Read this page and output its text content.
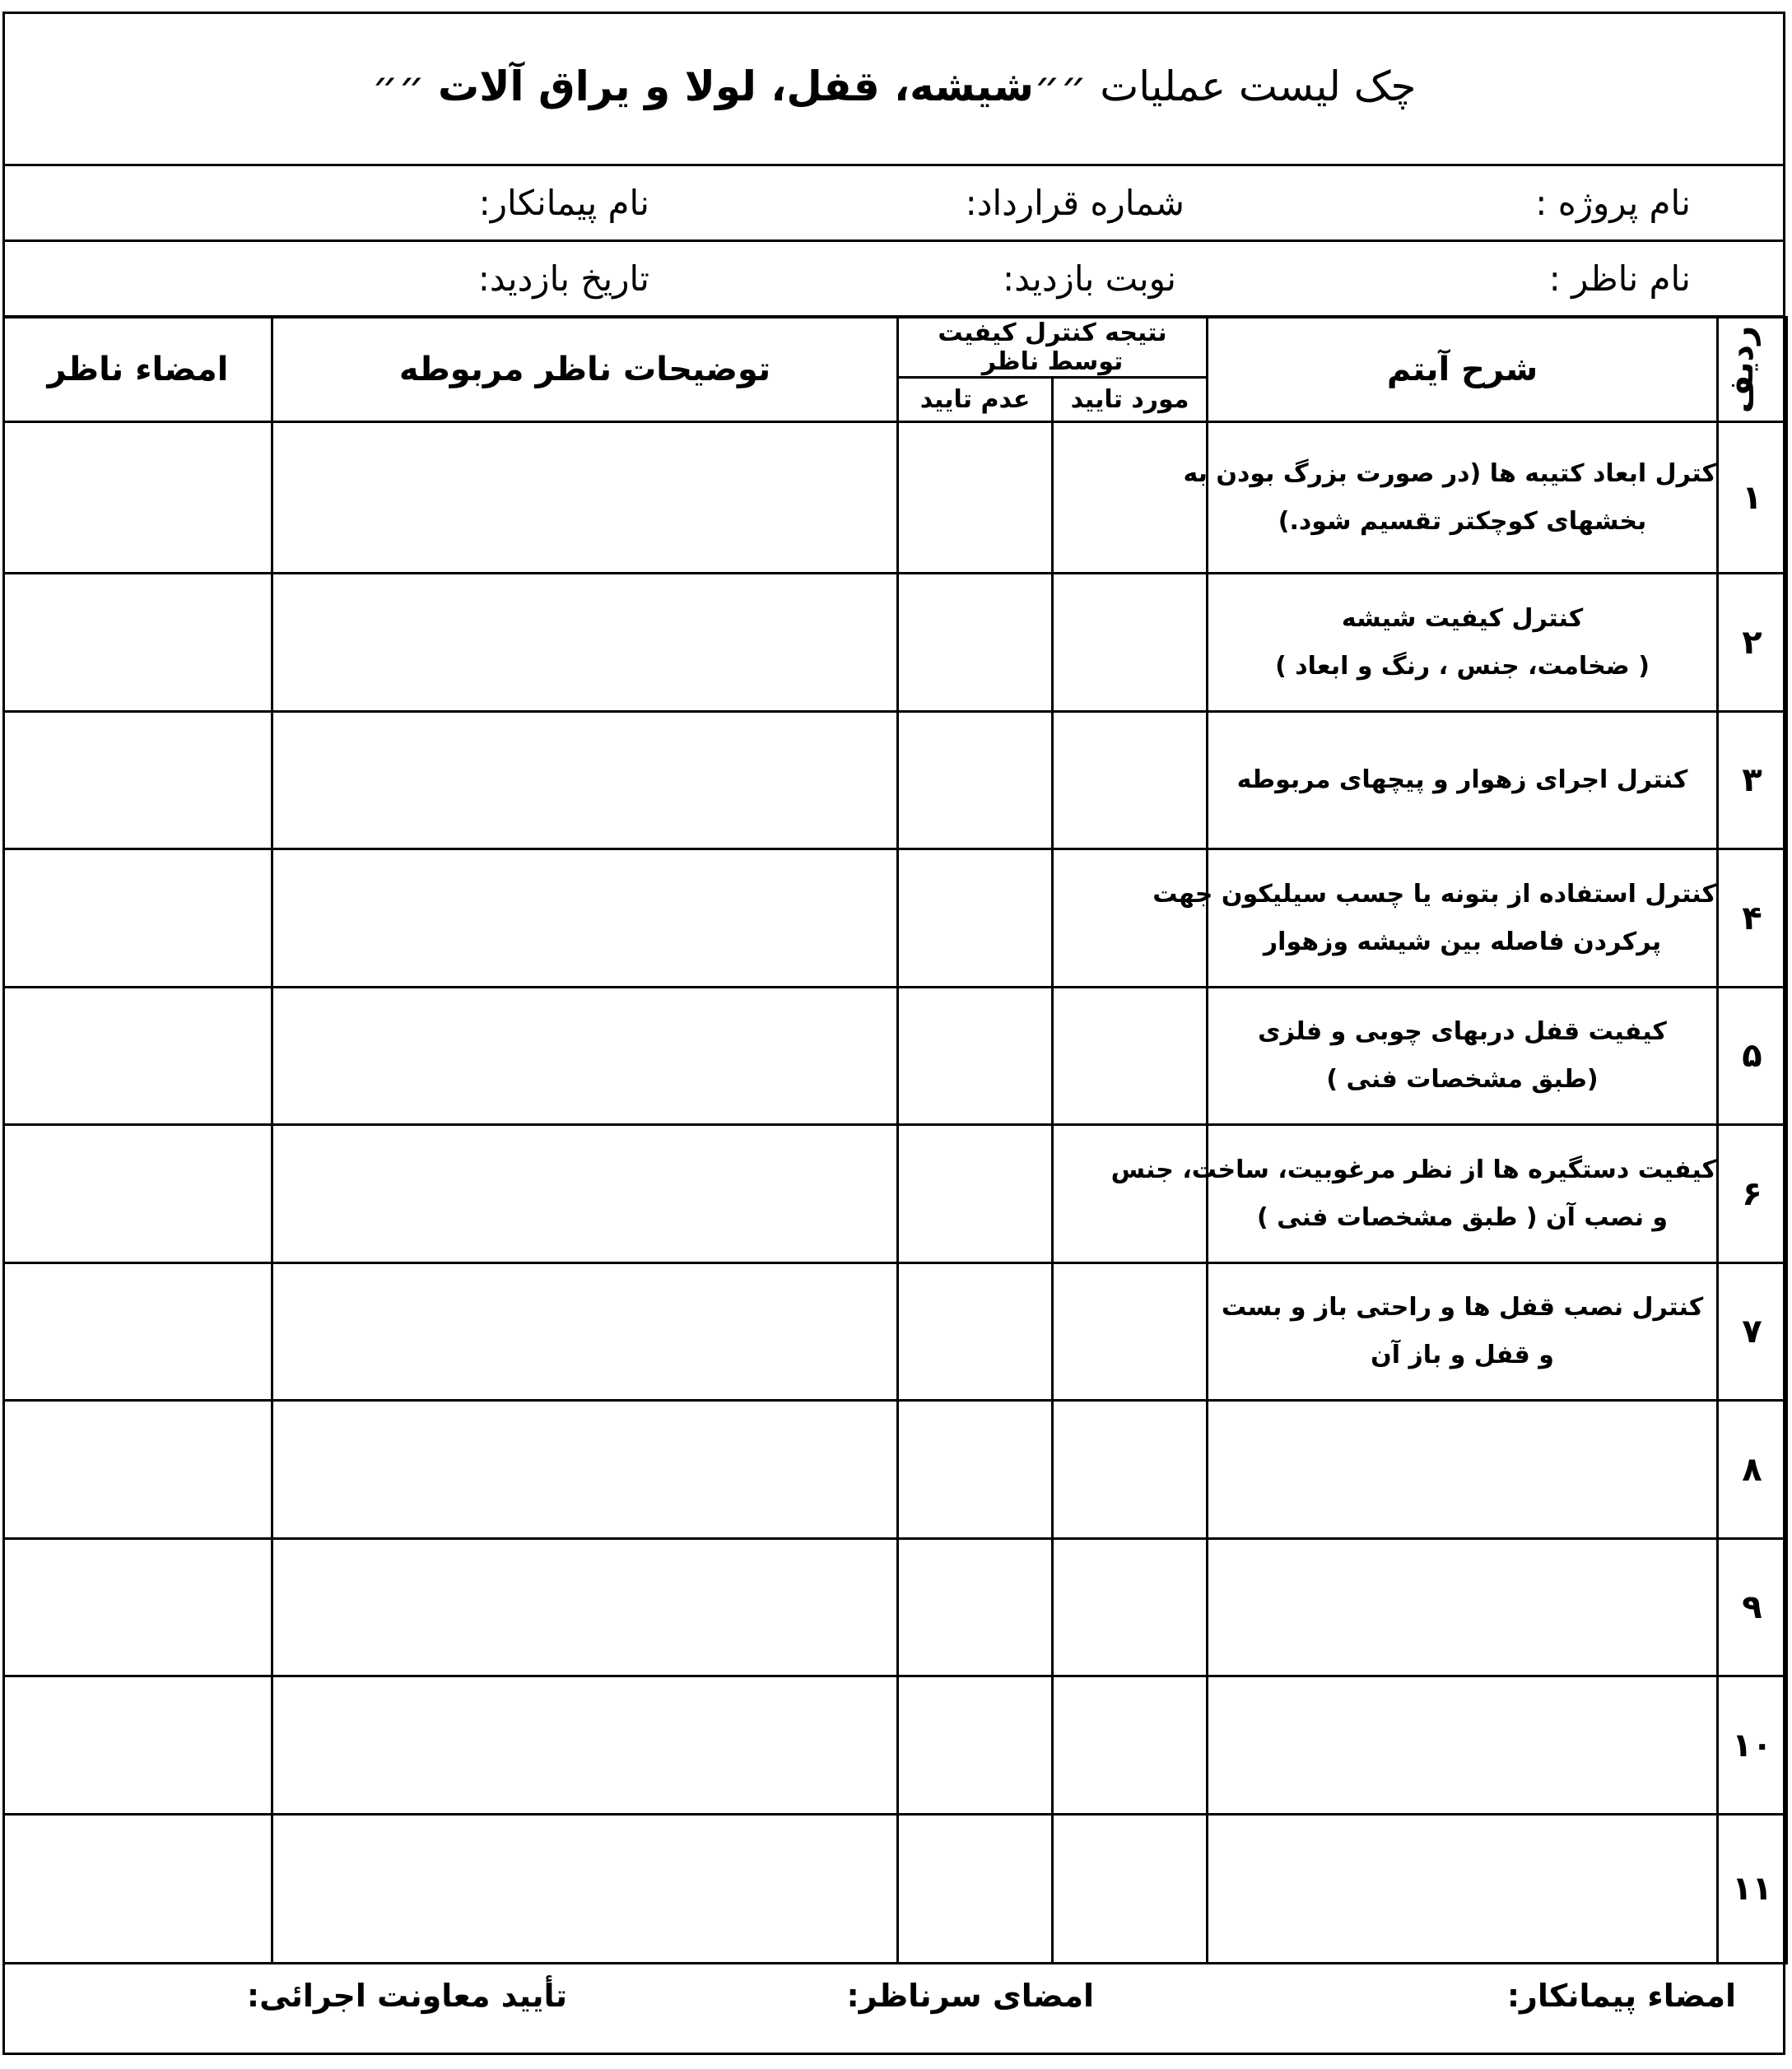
چک لیست عملیات ״״شیشه، قفل، لولا و یراق آلات ״״
نام پروژه :
شماره قرارداد:
نام پیمانکار:
نام ناظر :
نوبت بازدید:
تاریخ بازدید:
ردیف	شرح آیتم	نتیجه کنترل کیفیت توسط ناظر		توضیحات ناظر مربوطه	امضاء ناظر
		مورد تایید	عدم تایید		
۱	کترل ابعاد کتیبه ها (در صورت بزرگ بودن به
بخشهای کوچکتر تقسیم شود.)				

۲	کنترل کیفیت شیشه
( ضخامت، جنس ، رنگ و ابعاد )				

۳	کنترل اجرای زهوار و پیچهای مربوطه				

۴	کنترل استفاده از بتونه یا چسب سیلیکون جهت
پرکردن فاصله بین شیشه وزهوار				

۵	کیفیت قفل دربهای چوبی و فلزی
(طبق مشخصات فنی )				

۶	کیفیت دستگیره ها از نظر مرغوبیت، ساخت، جنس
و نصب آن ( طبق مشخصات فنی )				

۷	کنترل نصب قفل ها و راحتی باز و بست
و قفل و باز آن				

۸					
۹					
۱۰					
۱۱					
امضاء پیمانکار:
امضای سرناظر:
تأیید معاونت اجرائی:
